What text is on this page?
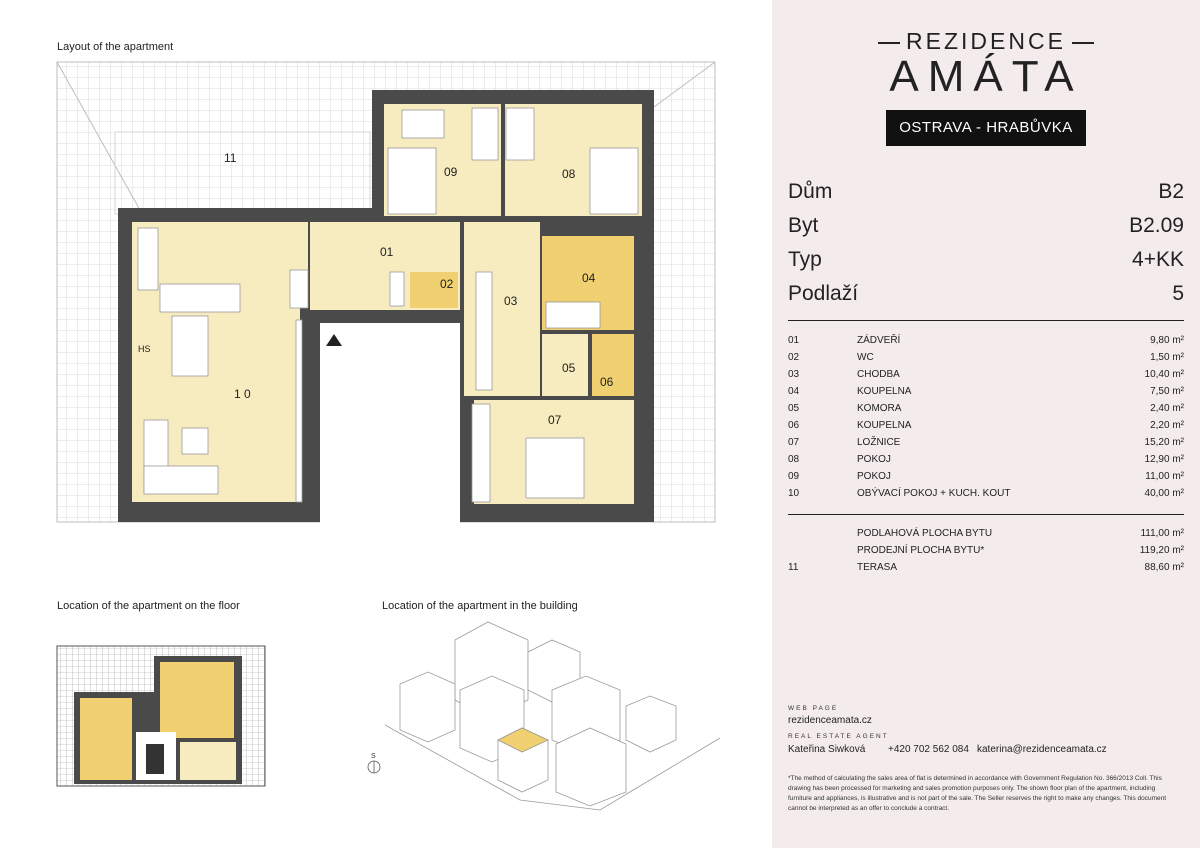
Layout of the apartment
09	08
01
02
03
04
05
06
07
1 0
11
HS
S
Location of the apartment on the floor	Location of the apartment in the building
REZIDENCE
AMÁTA
OSTRAVA - HRABŮVKA
Dům	B2
Byt	B2.09
Typ	4+KK
Podlaží	5
01	ZÁDVEŘÍ	9,80 m²
02	WC	1,50 m²
03	CHODBA	10,40 m²
04	KOUPELNA	7,50 m²
05	KOMORA	2,40 m²
06	KOUPELNA	2,20 m²
07	LOŽNICE	15,20 m²
08	POKOJ	12,90 m²
09	POKOJ	11,00 m²
10	OBÝVACÍ POKOJ + KUCH. KOUT	40,00 m²
PODLAHOVÁ PLOCHA BYTU	111,00 m²
PRODEJNÍ PLOCHA BYTU*	119,20 m²
11	TERASA	88,60 m²
WEB PAGE
rezidenceamata.cz
REAL ESTATE AGENT
Kateřina Siwková +420 702 562 084 katerina@rezidenceamata.cz
*The method of calculating the sales area of flat is determined in accordance with Government Regulation No. 366/2013 Coll. This drawing has been processed for marketing and sales promotion purposes only. The shown floor plan of the apartment, including furniture and appliances, is illustrative and is not part of the sale. The Seller reserves the right to make any changes. This document cannot be interpreted as an offer to conclude a contract.
